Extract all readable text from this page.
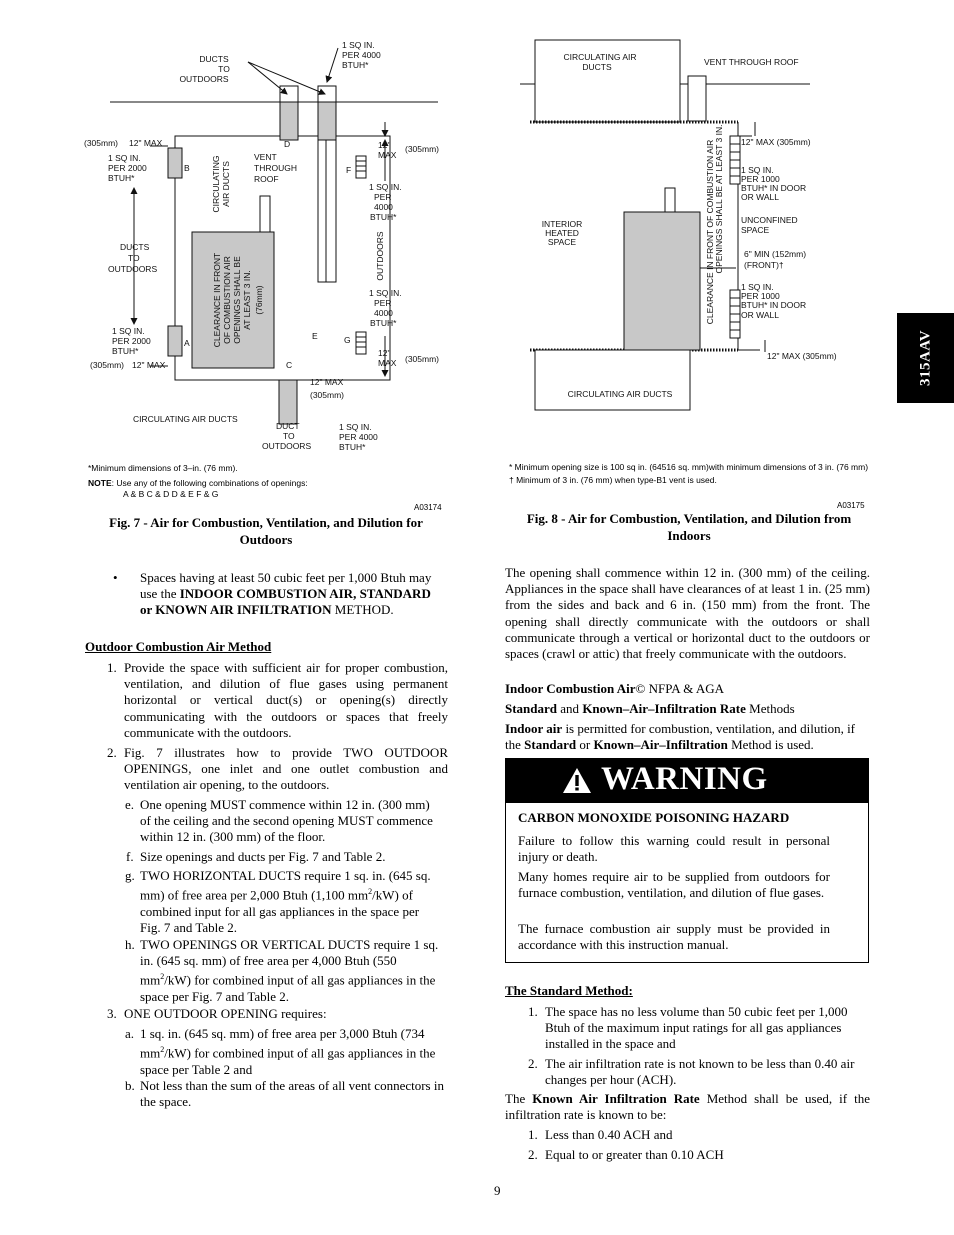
315AAV
DUCTS
TO
OUTDOORS
1 SQ IN.
PER 4000
BTUH*
(305mm) 12" MAX
1 SQ IN.
PER 2000
BTUH*
B
D
F
E	G
A
C
VENT
THROUGH
ROOF
12"
MAX
(305mm)
1 SQ IN.
PER
4000
BTUH*
DUCTS
TO
OUTDOORS
1 SQ IN.
PER
4000
BTUH*
1 SQ IN.
PER 2000
BTUH*
(305mm) 12" MAX
12"
MAX (305mm)
12" MAX
(305mm)
CIRCULATING AIR DUCTS
DUCT
TO
OUTDOORS
1 SQ IN.
PER 4000
BTUH*
CIRCULATING AIR DUCTS
OUTDOORS
CLEARANCE IN FRONT OF COMBUSTION AIR OPENINGS SHALL BE AT LEAST 3 IN. (76mm)
*Minimum dimensions of 3–in. (76 mm).
NOTE: Use any of the following combinations of openings:
A & B C & D D & E F & G
A03174
Fig. 7 - Air for Combustion, Ventilation, and Dilution for Outdoors
CIRCULATING AIR
DUCTS
INTERIOR
HEATED
SPACE
CIRCULATING AIR DUCTS
CLEARANCE IN FRONT OF COMBUSTION AIR OPENINGS SHALL BE AT LEAST 3 IN.
VENT THROUGH ROOF
12" MAX (305mm)
1 SQ IN.
PER 1000
BTUH* IN DOOR
OR WALL
UNCONFINED
SPACE
6" MIN (152mm)
(FRONT)†
1 SQ IN.
PER 1000
BTUH* IN DOOR
OR WALL
12" MAX (305mm)
* Minimum opening size is 100 sq in. (64516 sq. mm)with minimum dimensions of 3 in. (76 mm)
† Minimum of 3 in. (76 mm) when type-B1 vent is used.
A03175
Fig. 8 - Air for Combustion, Ventilation, and Dilution from Indoors
• Spaces having at least 50 cubic feet per 1,000 Btuh may use the INDOOR COMBUSTION AIR, STANDARD or KNOWN AIR INFILTRATION METHOD.
Outdoor Combustion Air Method
1. Provide the space with sufficient air for proper combustion, ventilation, and dilution of flue gases using permanent horizontal or vertical duct(s) or opening(s) directly communicating with the outdoors or spaces that freely communicate with the outdoors.
2. Fig. 7 illustrates how to provide TWO OUTDOOR OPENINGS, one inlet and one outlet combustion and ventilation air opening, to the outdoors.
e. One opening MUST commence within 12 in. (300 mm) of the ceiling and the second opening MUST commence within 12 in. (300 mm) of the floor.
f. Size openings and ducts per Fig. 7 and Table 2.
g. TWO HORIZONTAL DUCTS require 1 sq. in. (645 sq. mm) of free area per 2,000 Btuh (1,100 $mm^2/kW$) of combined input for all gas appliances in the space per Fig. 7 and Table 2.
h. TWO OPENINGS OR VERTICAL DUCTS require 1 sq. in. (645 sq. mm) of free area per 4,000 Btuh (550 $mm^2/kW$) for combined input of all gas appliances in the space per Fig. 7 and Table 2.
3. ONE OUTDOOR OPENING requires:
a. 1 sq. in. (645 sq. mm) of free area per 3,000 Btuh (734 $mm^2/kW$) for combined input of all gas appliances in the space per Table 2 and
b. Not less than the sum of the areas of all vent connectors in the space.
The opening shall commence within 12 in. (300 mm) of the ceiling. Appliances in the space shall have clearances of at least 1 in. (25 mm) from the sides and back and 6 in. (150 mm) from the front. The opening shall directly communicate with the outdoors or shall communicate through a vertical or horizontal duct to the outdoors or spaces (crawl or attic) that freely communicate with the outdoors.
Indoor Combustion Air© NFPA & AGA
Standard and Known–Air–Infiltration Rate Methods
Indoor air is permitted for combustion, ventilation, and dilution, if the Standard or Known–Air–Infiltration Method is used.
WARNING
CARBON MONOXIDE POISONING HAZARD
Failure to follow this warning could result in personal injury or death.
Many homes require air to be supplied from outdoors for furnace combustion, ventilation, and dilution of flue gases.
The furnace combustion air supply must be provided in accordance with this instruction manual.
The Standard Method:
1. The space has no less volume than 50 cubic feet per 1,000 Btuh of the maximum input ratings for all gas appliances installed in the space and
2. The air infiltration rate is not known to be less than 0.40 air changes per hour (ACH).
The Known Air Infiltration Rate Method shall be used, if the infiltration rate is known to be:
1. Less than 0.40 ACH and
2. Equal to or greater than 0.10 ACH
9
